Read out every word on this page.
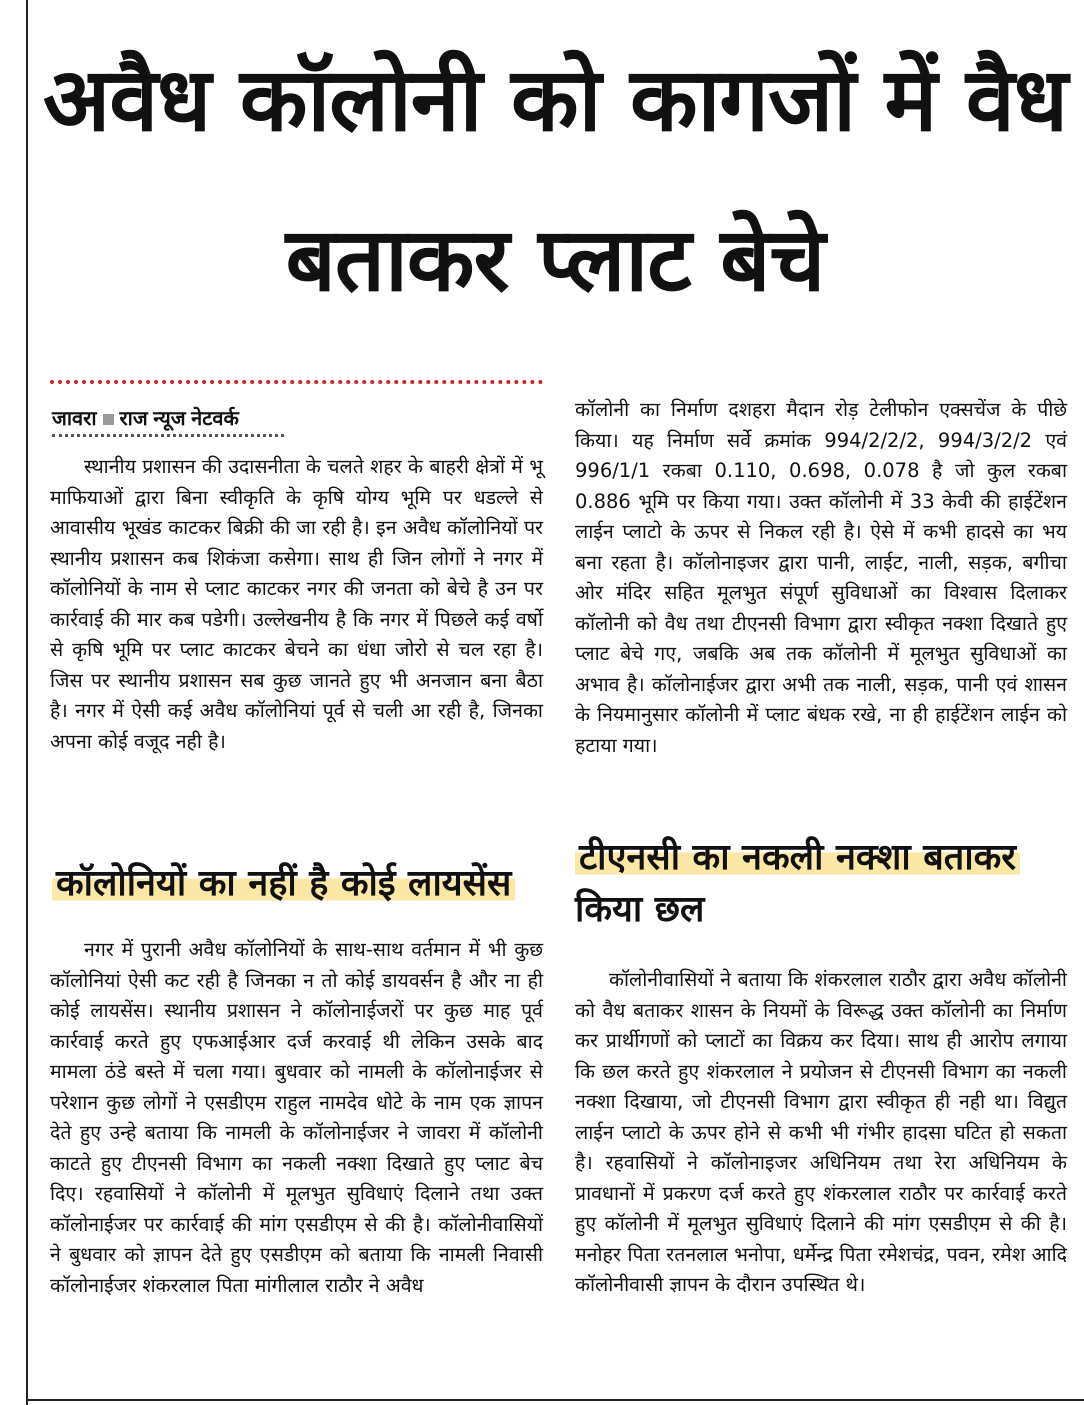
अवैध कॉलोनी को कागजों में वैध बताकर प्लाट बेचे
जावरा राज न्यूज नेटवर्क

स्थानीय प्रशासन की उदासनीता के चलते शहर के बाहरी क्षेत्रों में भू माफियाओं द्वारा बिना स्वीकृति के कृषि योग्य भूमि पर धडल्ले से आवासीय भूखंड काटकर बिक्री की जा रही है। इन अवैध कॉलोनियों पर स्थानीय प्रशासन कब शिकंजा कसेगा। साथ ही जिन लोगों ने नगर में कॉलोनियों के नाम से प्लाट काटकर नगर की जनता को बेचे है उन पर कार्रवाई की मार कब पडेगी। उल्लेखनीय है कि नगर में पिछले कई वर्षो से कृषि भूमि पर प्लाट काटकर बेचने का धंधा जोरो से चल रहा है। जिस पर स्थानीय प्रशासन सब कुछ जानते हुए भी अनजान बना बैठा है। नगर में ऐसी कई अवैध कॉलोनियां पूर्व से चली आ रही है, जिनका अपना कोई वजूद नही है।

कॉलोनियों का नहीं है कोई लायसेंस

नगर में पुरानी अवैध कॉलोनियों के साथ-साथ वर्तमान में भी कुछ कॉलोनियां ऐसी कट रही है जिनका न तो कोई डायवर्सन है और ना ही कोई लायसेंस। स्थानीय प्रशासन ने कॉलोनाईजरों पर कुछ माह पूर्व कार्रवाई करते हुए एफआईआर दर्ज करवाई थी लेकिन उसके बाद मामला ठंडे बस्ते में चला गया। बुधवार को नामली के कॉलोनाईजर से परेशान कुछ लोगों ने एसडीएम राहुल नामदेव धोटे के नाम एक ज्ञापन देते हुए उन्हे बताया कि नामली के कॉलोनाईजर ने जावरा में कॉलोनी काटते हुए टीएनसी विभाग का नकली नक्शा दिखाते हुए प्लाट बेच दिए। रहवासियों ने कॉलोनी में मूलभुत सुविधाएं दिलाने तथा उक्त कॉलोनाईजर पर कार्रवाई की मांग एसडीएम से की है। कॉलोनीवासियों ने बुधवार को ज्ञापन देते हुए एसडीएम को बताया कि नामली निवासी कॉलोनाईजर शंकरलाल पिता मांगीलाल राठौर ने अवैध

कॉलोनी का निर्माण दशहरा मैदान रोड़ टेलीफोन एक्सचेंज के पीछे किया। यह निर्माण सर्वे क्रमांक 994/2/2/2, 994/3/2/2 एवं 996/1/1 रकबा 0.110, 0.698, 0.078 है जो कुल रकबा 0.886 भूमि पर किया गया। उक्त कॉलोनी में 33 केवी की हाईटेंशन लाईन प्लाटो के ऊपर से निकल रही है। ऐसे में कभी हादसे का भय बना रहता है। कॉलोनाइजर द्वारा पानी, लाईट, नाली, सड़क, बगीचा ओर मंदिर सहित मूलभुत संपूर्ण सुविधाओं का विश्वास दिलाकर कॉलोनी को वैध तथा टीएनसी विभाग द्वारा स्वीकृत नक्शा दिखाते हुए प्लाट बेचे गए, जबकि अब तक कॉलोनी में मूलभुत सुविधाओं का अभाव है। कॉलोनाईजर द्वारा अभी तक नाली, सड़क, पानी एवं शासन के नियमानुसार कॉलोनी में प्लाट बंधक रखे, ना ही हाईटेंशन लाईन को हटाया गया।

टीएनसी का नकली नक्शा बताकर
किया छल

कॉलोनीवासियों ने बताया कि शंकरलाल राठौर द्वारा अवैध कॉलोनी को वैध बताकर शासन के नियमों के विरूद्ध उक्त कॉलोनी का निर्माण कर प्रार्थीगणों को प्लाटों का विक्रय कर दिया। साथ ही आरोप लगाया कि छल करते हुए शंकरलाल ने प्रयोजन से टीएनसी विभाग का नकली नक्शा दिखाया, जो टीएनसी विभाग द्वारा स्वीकृत ही नही था। विद्युत लाईन प्लाटो के ऊपर होने से कभी भी गंभीर हादसा घटित हो सकता है। रहवासियों ने कॉलोनाइजर अधिनियम तथा रेरा अधिनियम के प्रावधानों में प्रकरण दर्ज करते हुए शंकरलाल राठौर पर कार्रवाई करते हुए कॉलोनी में मूलभुत सुविधाएं दिलाने की मांग एसडीएम से की है। मनोहर पिता रतनलाल भनोपा, धर्मेन्द्र पिता रमेशचंद्र, पवन, रमेश आदि कॉलोनीवासी ज्ञापन के दौरान उपस्थित थे।
